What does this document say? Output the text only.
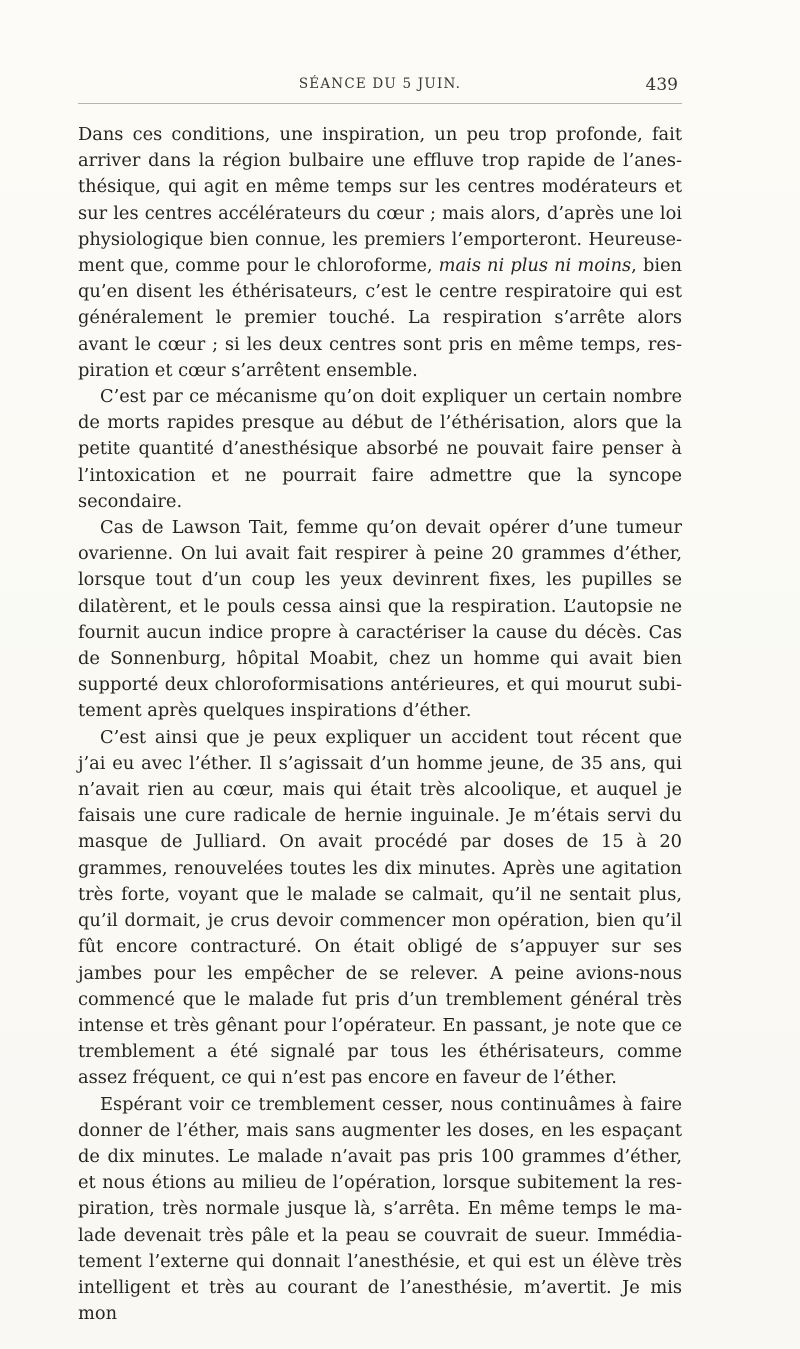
SÉANCE DU 5 JUIN.	439

Dans ces conditions, une inspiration, un peu trop profonde, fait arriver dans la région bulbaire une effluve trop rapide de l’anesthésique, qui agit en même temps sur les centres modérateurs et sur les centres accélérateurs du cœur ; mais alors, d’après une loi physiologique bien connue, les premiers l’emporteront. Heureusement que, comme pour le chloroforme, mais ni plus ni moins, bien qu’en disent les éthérisateurs, c’est le centre respiratoire qui est généralement le premier touché. La respiration s’arrête alors avant le cœur ; si les deux centres sont pris en même temps, respiration et cœur s’arrêtent ensemble.

C’est par ce mécanisme qu’on doit expliquer un certain nombre de morts rapides presque au début de l’éthérisation, alors que la petite quantité d’anesthésique absorbé ne pouvait faire penser à l’intoxication et ne pourrait faire admettre que la syncope secondaire.

Cas de Lawson Tait, femme qu’on devait opérer d’une tumeur ovarienne. On lui avait fait respirer à peine 20 grammes d’éther, lorsque tout d’un coup les yeux devinrent fixes, les pupilles se dilatèrent, et le pouls cessa ainsi que la respiration. L’autopsie ne fournit aucun indice propre à caractériser la cause du décès. Cas de Sonnenburg, hôpital Moabit, chez un homme qui avait bien supporté deux chloroformisations antérieures, et qui mourut subitement après quelques inspirations d’éther.

C’est ainsi que je peux expliquer un accident tout récent que j’ai eu avec l’éther. Il s’agissait d’un homme jeune, de 35 ans, qui n’avait rien au cœur, mais qui était très alcoolique, et auquel je faisais une cure radicale de hernie inguinale. Je m’étais servi du masque de Julliard. On avait procédé par doses de 15 à 20 grammes, renouvelées toutes les dix minutes. Après une agitation très forte, voyant que le malade se calmait, qu’il ne sentait plus, qu’il dormait, je crus devoir commencer mon opération, bien qu’il fût encore contracturé. On était obligé de s’appuyer sur ses jambes pour les empêcher de se relever. A peine avions-nous commencé que le malade fut pris d’un tremblement général très intense et très gênant pour l’opérateur. En passant, je note que ce tremblement a été signalé par tous les éthérisateurs, comme assez fréquent, ce qui n’est pas encore en faveur de l’éther.

Espérant voir ce tremblement cesser, nous continuâmes à faire donner de l’éther, mais sans augmenter les doses, en les espaçant de dix minutes. Le malade n’avait pas pris 100 grammes d’éther, et nous étions au milieu de l’opération, lorsque subitement la respiration, très normale jusque là, s’arrêta. En même temps le malade devenait très pâle et la peau se couvrait de sueur. Immédiatement l’externe qui donnait l’anesthésie, et qui est un élève très intelligent et très au courant de l’anesthésie, m’avertit. Je mis mon
